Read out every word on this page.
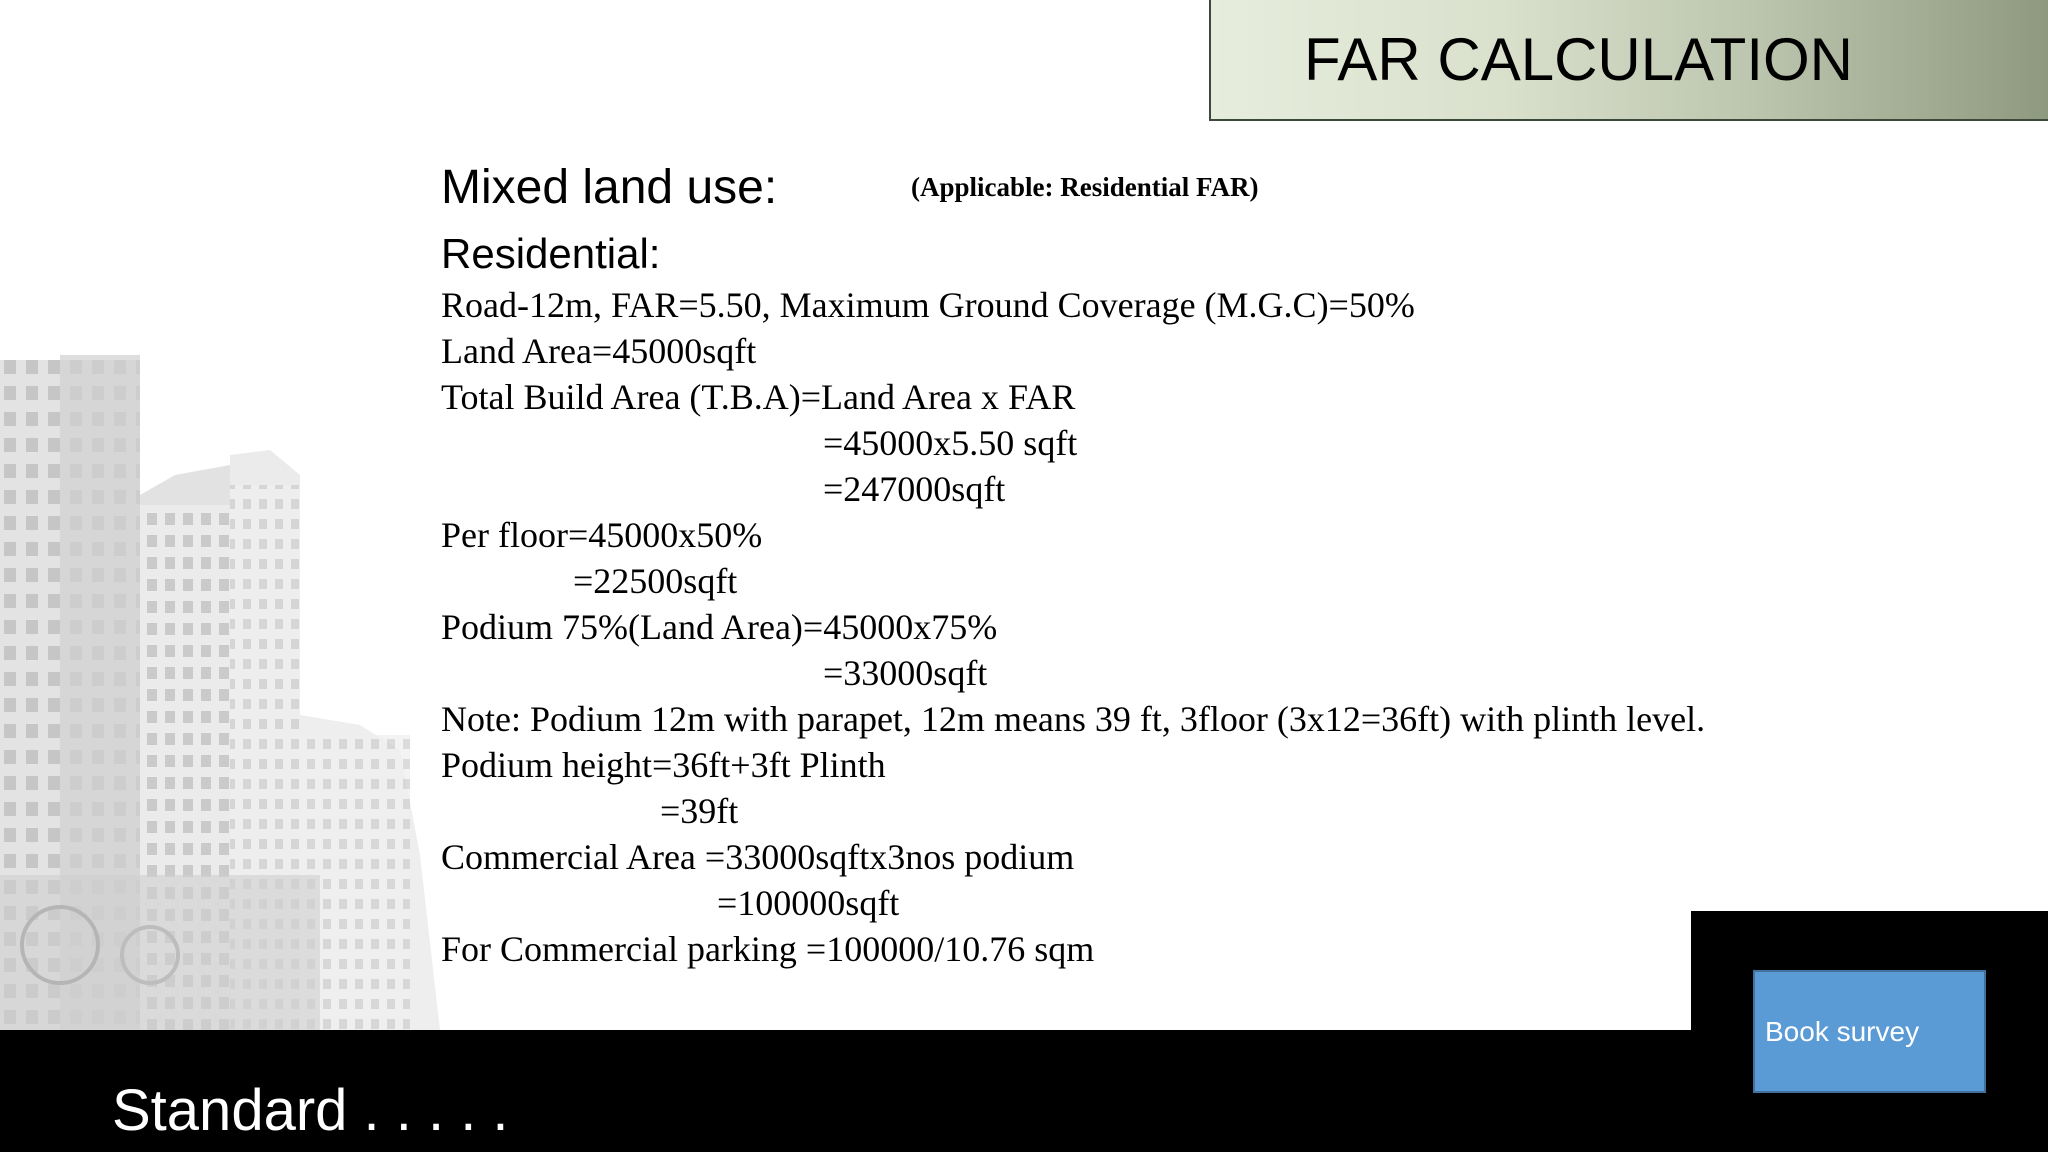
FAR CALCULATION
Mixed land use:	(Applicable: Residential FAR)
Residential:
Road-12m, FAR=5.50, Maximum Ground Coverage (M.G.C)=50%
Land Area=45000sqft
Total Build Area (T.B.A)=Land Area x FAR
=45000x5.50 sqft
=247000sqft
Per floor=45000x50%
=22500sqft
Podium 75%(Land Area)=45000x75%
=33000sqft
Note: Podium 12m with parapet, 12m means 39 ft, 3floor (3x12=36ft) with plinth level.
Podium height=36ft+3ft Plinth
=39ft
Commercial Area =33000sqftx3nos podium
=100000sqft
For Commercial parking =100000/10.76 sqm
Standard . . . . .
Book survey
